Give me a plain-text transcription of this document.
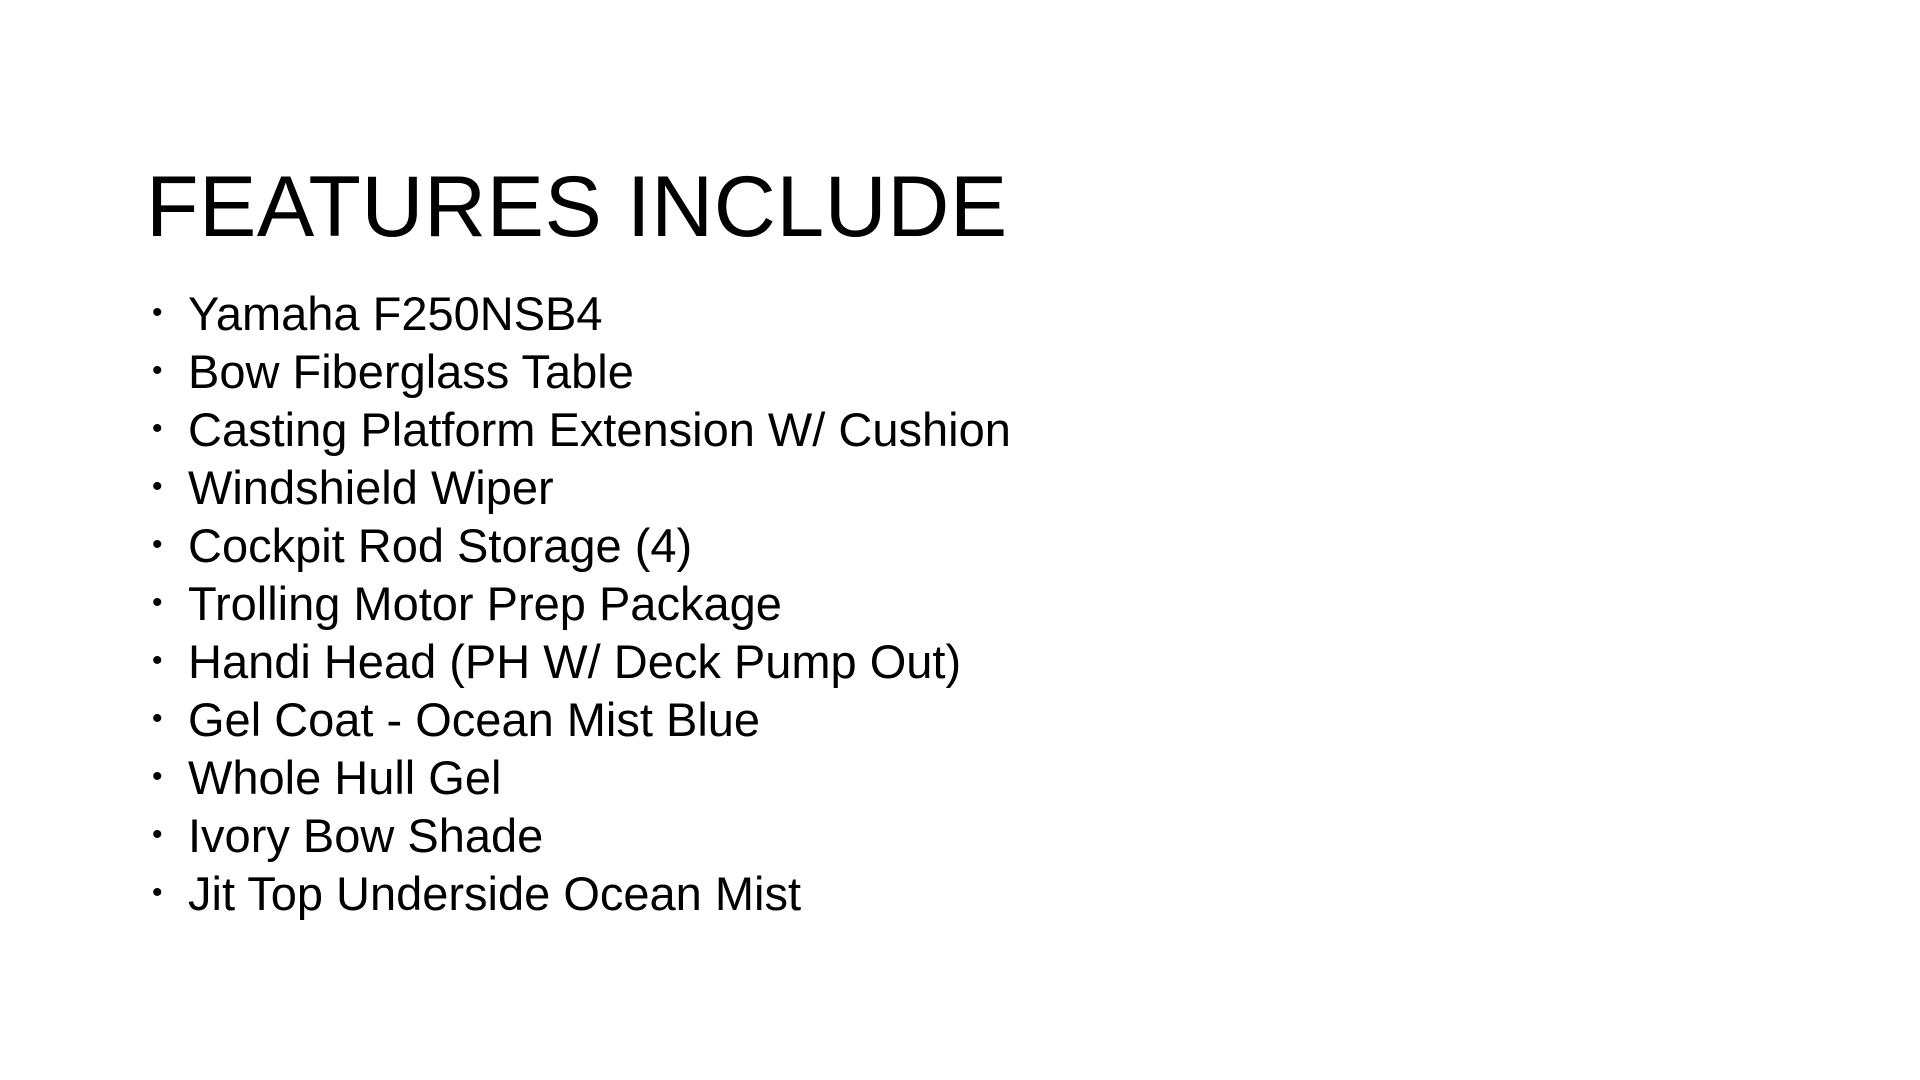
FEATURES INCLUDE
• Yamaha F250NSB4
• Bow Fiberglass Table
• Casting Platform Extension W/ Cushion
• Windshield Wiper
• Cockpit Rod Storage (4)
• Trolling Motor Prep Package
• Handi Head (PH W/ Deck Pump Out)
• Gel Coat - Ocean Mist Blue
• Whole Hull Gel
• Ivory Bow Shade
• Jit Top Underside Ocean Mist
